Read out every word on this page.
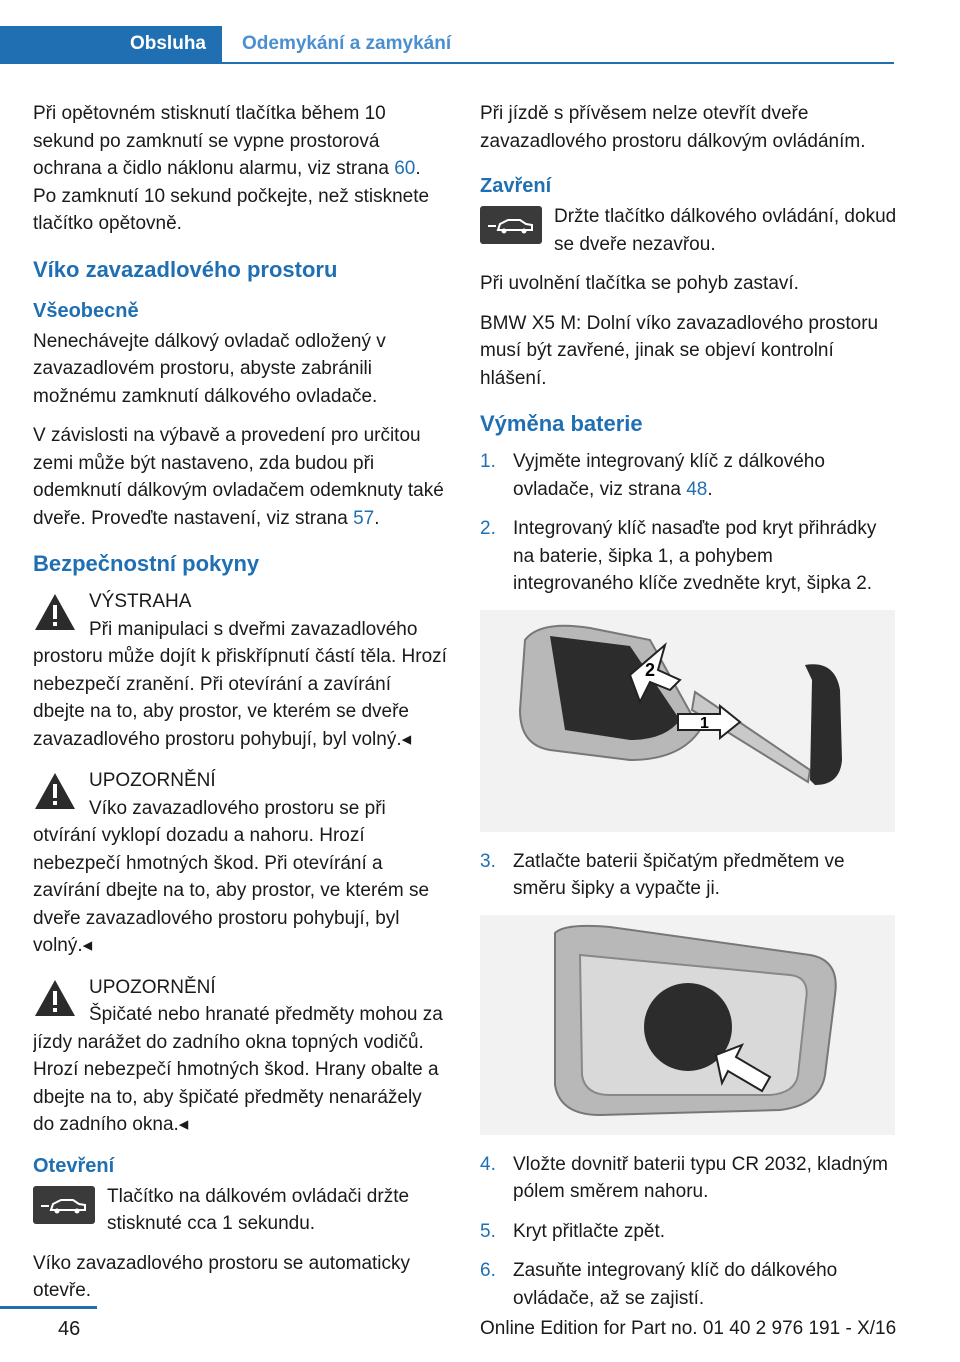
Obsluha	Odemykání a zamykání

Při opětovném stisknutí tlačítka během 10 sekund po zamknutí se vypne prostorová ochrana a čidlo náklonu alarmu, viz strana 60. Po zamknutí 10 sekund počkejte, než stisknete tlačítko opětovně.

Víko zavazadlového prostoru
Všeobecně

Nenechávejte dálkový ovladač odložený v zavazadlovém prostoru, abyste zabránili možnému zamknutí dálkového ovladače.

V závislosti na výbavě a provedení pro určitou zemi může být nastaveno, zda budou při odemknutí dálkovým ovladačem odemknuty také dveře. Proveďte nastavení, viz strana 57.

Bezpečnostní pokyny

VÝSTRAHA
Při manipulaci s dveřmi zavazadlového prostoru může dojít k přiskřípnutí částí těla. Hrozí nebezpečí zranění. Při otevírání a zavírání dbejte na to, aby prostor, ve kterém se dveře zavazadlového prostoru pohybují, byl volný.◂

UPOZORNĚNÍ
Víko zavazadlového prostoru se při otvírání vyklopí dozadu a nahoru. Hrozí nebezpečí hmotných škod. Při otevírání a zavírání dbejte na to, aby prostor, ve kterém se dveře zavazadlového prostoru pohybují, byl volný.◂

UPOZORNĚNÍ
Špičaté nebo hranaté předměty mohou za jízdy narážet do zadního okna topných vodičů. Hrozí nebezpečí hmotných škod. Hrany obalte a dbejte na to, aby špičaté předměty nenarážely do zadního okna.◂

Otevření

Tlačítko na dálkovém ovládači držte stisknuté cca 1 sekundu.

Víko zavazadlového prostoru se automaticky otevře.

Při jízdě s přívěsem nelze otevřít dveře zavazadlového prostoru dálkovým ovládáním.

Zavření

Držte tlačítko dálkového ovládání, dokud se dveře nezavřou.

Při uvolnění tlačítka se pohyb zastaví.

BMW X5 M: Dolní víko zavazadlového prostoru musí být zavřené, jinak se objeví kontrolní hlášení.

Výměna baterie
1. Vyjměte integrovaný klíč z dálkového ovladače, viz strana 48.
2. Integrovaný klíč nasaďte pod kryt přihrádky na baterie, šipka 1, a pohybem integrovaného klíče zvedněte kryt, šipka 2.
2
1
3. Zatlačte baterii špičatým předmětem ve směru šipky a vypačte ji.
4. Vložte dovnitř baterii typu CR 2032, kladným pólem směrem nahoru.
5. Kryt přitlačte zpět.
6. Zasuňte integrovaný klíč do dálkového ovládače, až se zajistí.
46	Online Edition for Part no. 01 40 2 976 191 - X/16
